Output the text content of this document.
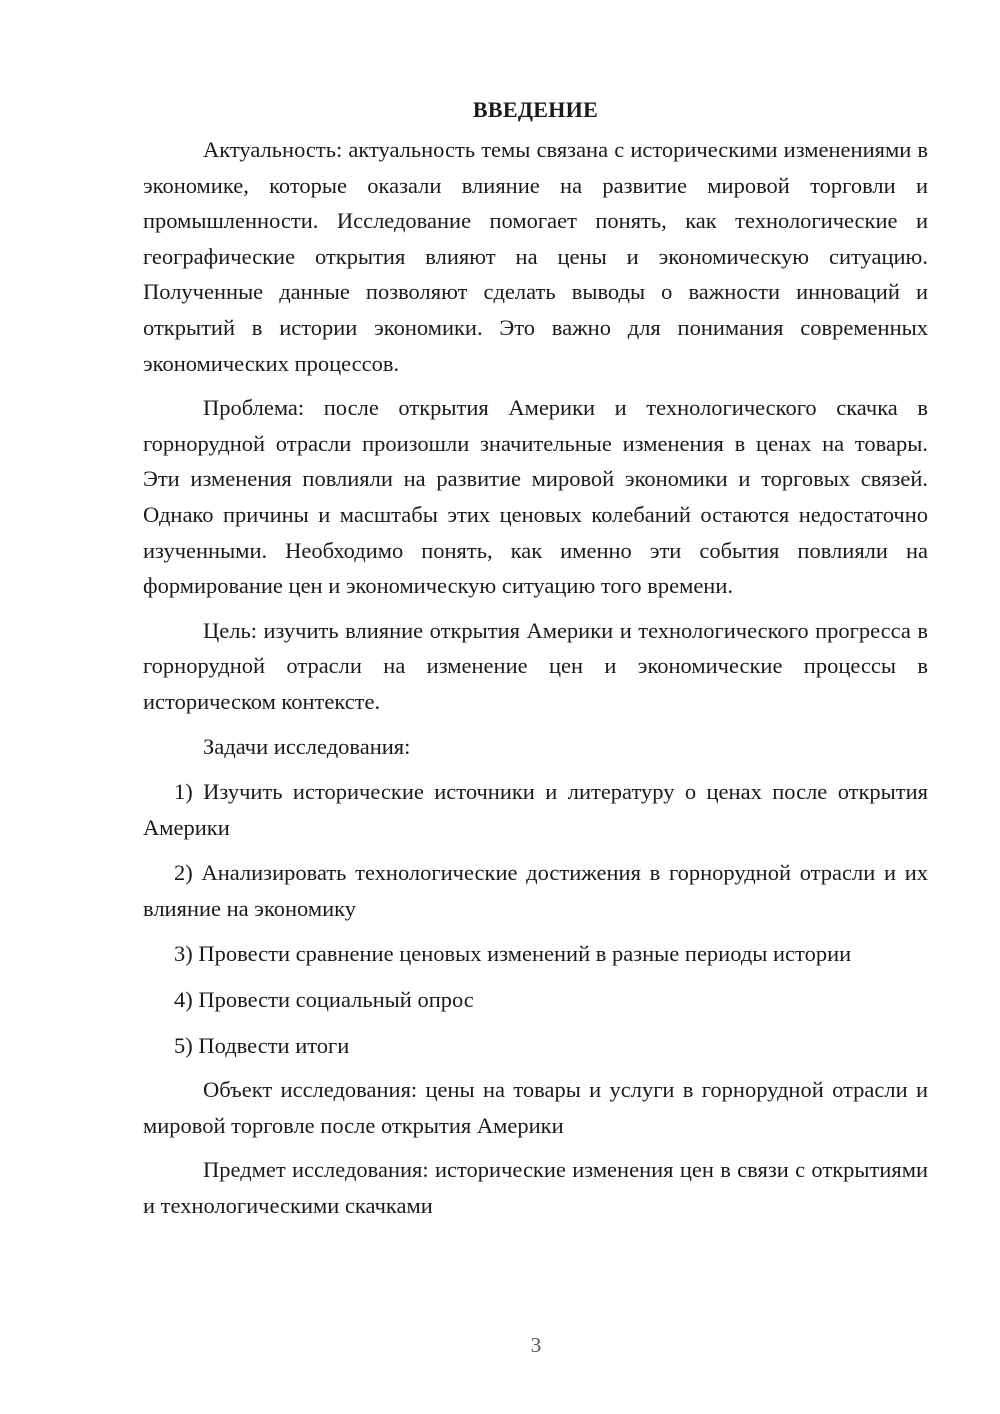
ВВЕДЕНИЕ

Актуальность: актуальность темы связана с историческими изменениями в экономике, которые оказали влияние на развитие мировой торговли и промышленности. Исследование помогает понять, как технологические и географические открытия влияют на цены и экономическую ситуацию. Полученные данные позволяют сделать выводы о важности инноваций и открытий в истории экономики. Это важно для понимания современных экономических процессов.

Проблема: после открытия Америки и технологического скачка в горнорудной отрасли произошли значительные изменения в ценах на товары. Эти изменения повлияли на развитие мировой экономики и торговых связей. Однако причины и масштабы этих ценовых колебаний остаются недостаточно изученными. Необходимо понять, как именно эти события повлияли на формирование цен и экономическую ситуацию того времени.

Цель: изучить влияние открытия Америки и технологического прогресса в горнорудной отрасли на изменение цен и экономические процессы в историческом контексте.

Задачи исследования:

1) Изучить исторические источники и литературу о ценах после открытия Америки

2) Анализировать технологические достижения в горнорудной отрасли и их влияние на экономику

3) Провести сравнение ценовых изменений в разные периоды истории

4) Провести социальный опрос

5) Подвести итоги

Объект исследования: цены на товары и услуги в горнорудной отрасли и мировой торговле после открытия Америки

Предмет исследования: исторические изменения цен в связи с открытиями и технологическими скачками

3
